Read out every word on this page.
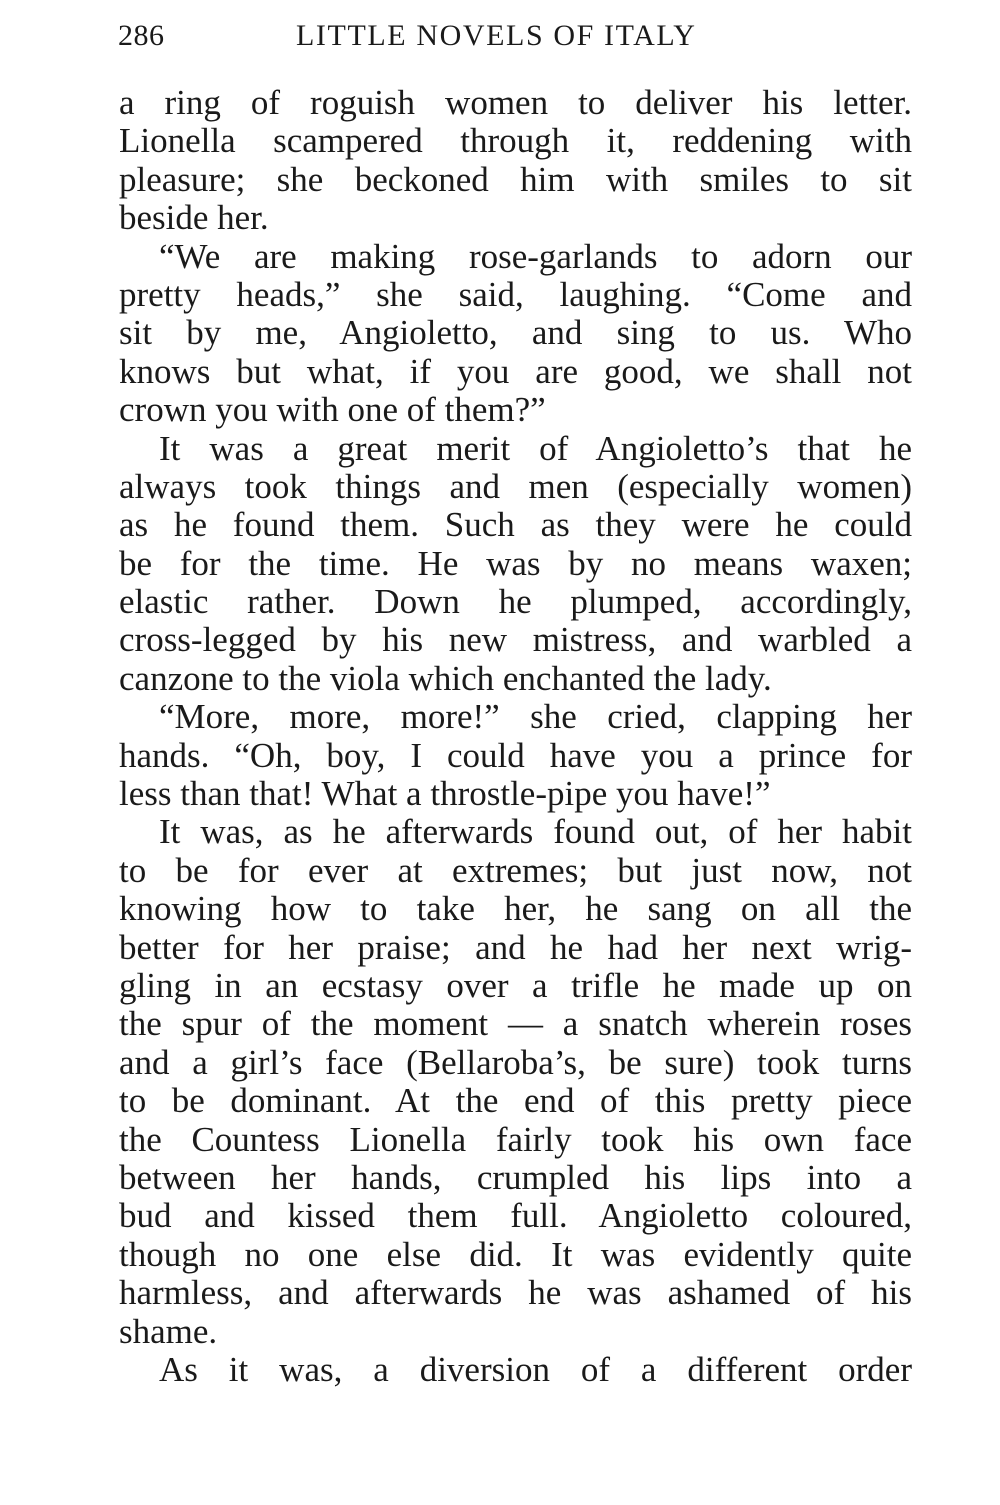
286	LITTLE NOVELS OF ITALY
a ring of roguish women to deliver his letter.
Lionella scampered through it, reddening with
pleasure; she beckoned him with smiles to sit
beside her.
“We are making rose-garlands to adorn our
pretty heads,” she said, laughing. “Come and
sit by me, Angioletto, and sing to us. Who
knows but what, if you are good, we shall not
crown you with one of them?”
It was a great merit of Angioletto’s that he
always took things and men (especially women)
as he found them. Such as they were he could
be for the time. He was by no means waxen;
elastic rather. Down he plumped, accordingly,
cross-legged by his new mistress, and warbled a
canzone to the viola which enchanted the lady.
“More, more, more!” she cried, clapping her
hands. “Oh, boy, I could have you a prince for
less than that! What a throstle-pipe you have!”
It was, as he afterwards found out, of her habit
to be for ever at extremes; but just now, not
knowing how to take her, he sang on all the
better for her praise; and he had her next wrig-
gling in an ecstasy over a trifle he made up on
the spur of the moment — a snatch wherein roses
and a girl’s face (Bellaroba’s, be sure) took turns
to be dominant. At the end of this pretty piece
the Countess Lionella fairly took his own face
between her hands, crumpled his lips into a
bud and kissed them full. Angioletto coloured,
though no one else did. It was evidently quite
harmless, and afterwards he was ashamed of his
shame.
As it was, a diversion of a different order
